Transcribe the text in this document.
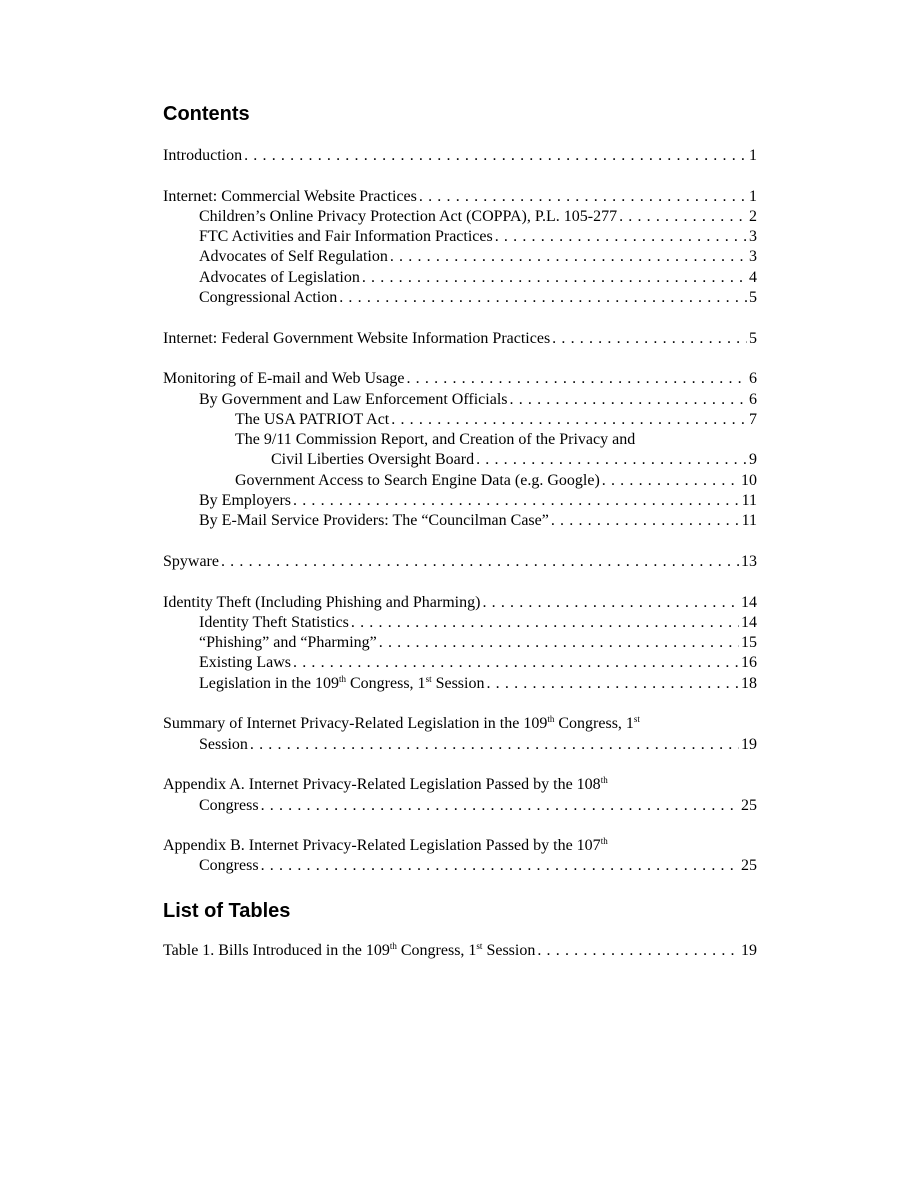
Contents
Introduction . . .	1
Internet: Commercial Website Practices . . .	1
Children’s Online Privacy Protection Act (COPPA), P.L. 105-277 . . .	2
FTC Activities and Fair Information Practices . . .	3
Advocates of Self Regulation . . .	3
Advocates of Legislation . . .	4
Congressional Action . . .	5
Internet: Federal Government Website Information Practices . . .	5
Monitoring of E-mail and Web Usage . . .	6
By Government and Law Enforcement Officials . . .	6
The USA PATRIOT Act . . .	7
The 9/11 Commission Report, and Creation of the Privacy and
Civil Liberties Oversight Board . . .	9
Government Access to Search Engine Data (e.g. Google) . . .	10
By Employers . . .	11
By E-Mail Service Providers: The “Councilman Case” . . .	11
Spyware . . .	13
Identity Theft (Including Phishing and Pharming) . . .	14
Identity Theft Statistics . . .	14
“Phishing” and “Pharming” . . .	15
Existing Laws . . .	16
Legislation in the 109th Congress, 1st Session . . .	18
Summary of Internet Privacy-Related Legislation in the 109th Congress, 1st
Session . . .	19
Appendix A. Internet Privacy-Related Legislation Passed by the 108th
Congress . . .	25
Appendix B. Internet Privacy-Related Legislation Passed by the 107th
Congress . . .	25
List of Tables
Table 1. Bills Introduced in the 109th Congress, 1st Session . . .	19
